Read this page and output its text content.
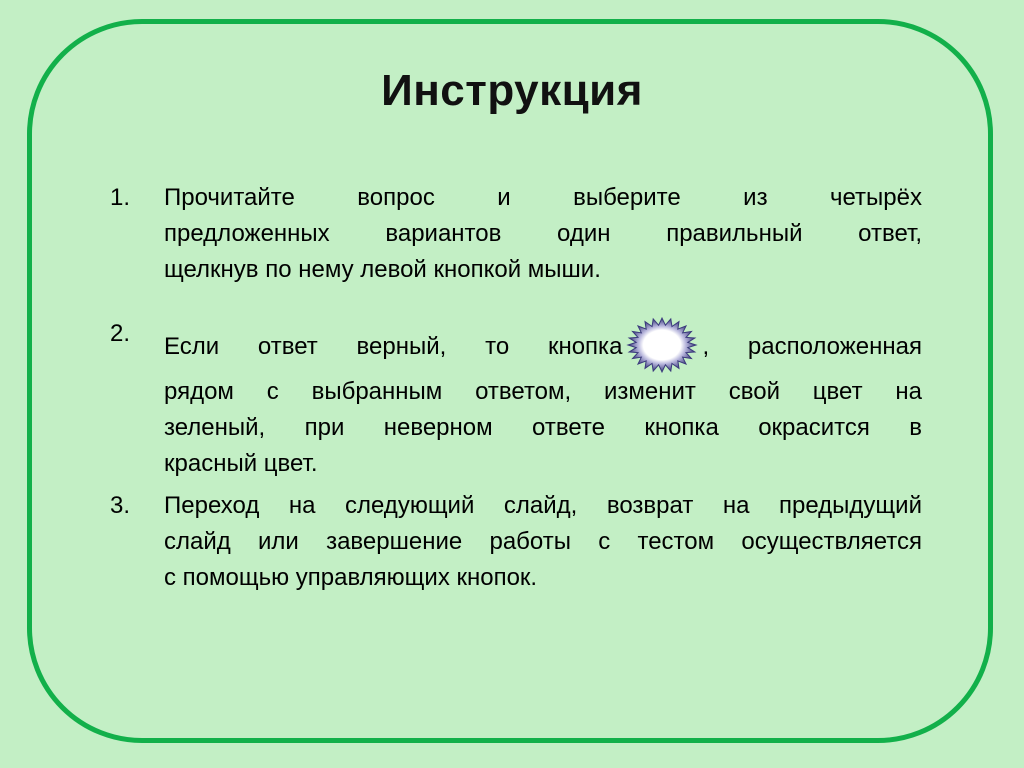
Инструкция
1.	Прочитайте вопрос и выберите из четырёх
предложенных вариантов один правильный ответ,
щелкнув по нему левой кнопкой мыши.
2.	Если ответ верный, то кнопка	, расположенная
рядом с выбранным ответом, изменит свой цвет на
зеленый, при неверном ответе кнопка окрасится в
красный цвет.
3.	Переход на следующий слайд, возврат на предыдущий
слайд или завершение работы с тестом осуществляется
с помощью управляющих кнопок.
